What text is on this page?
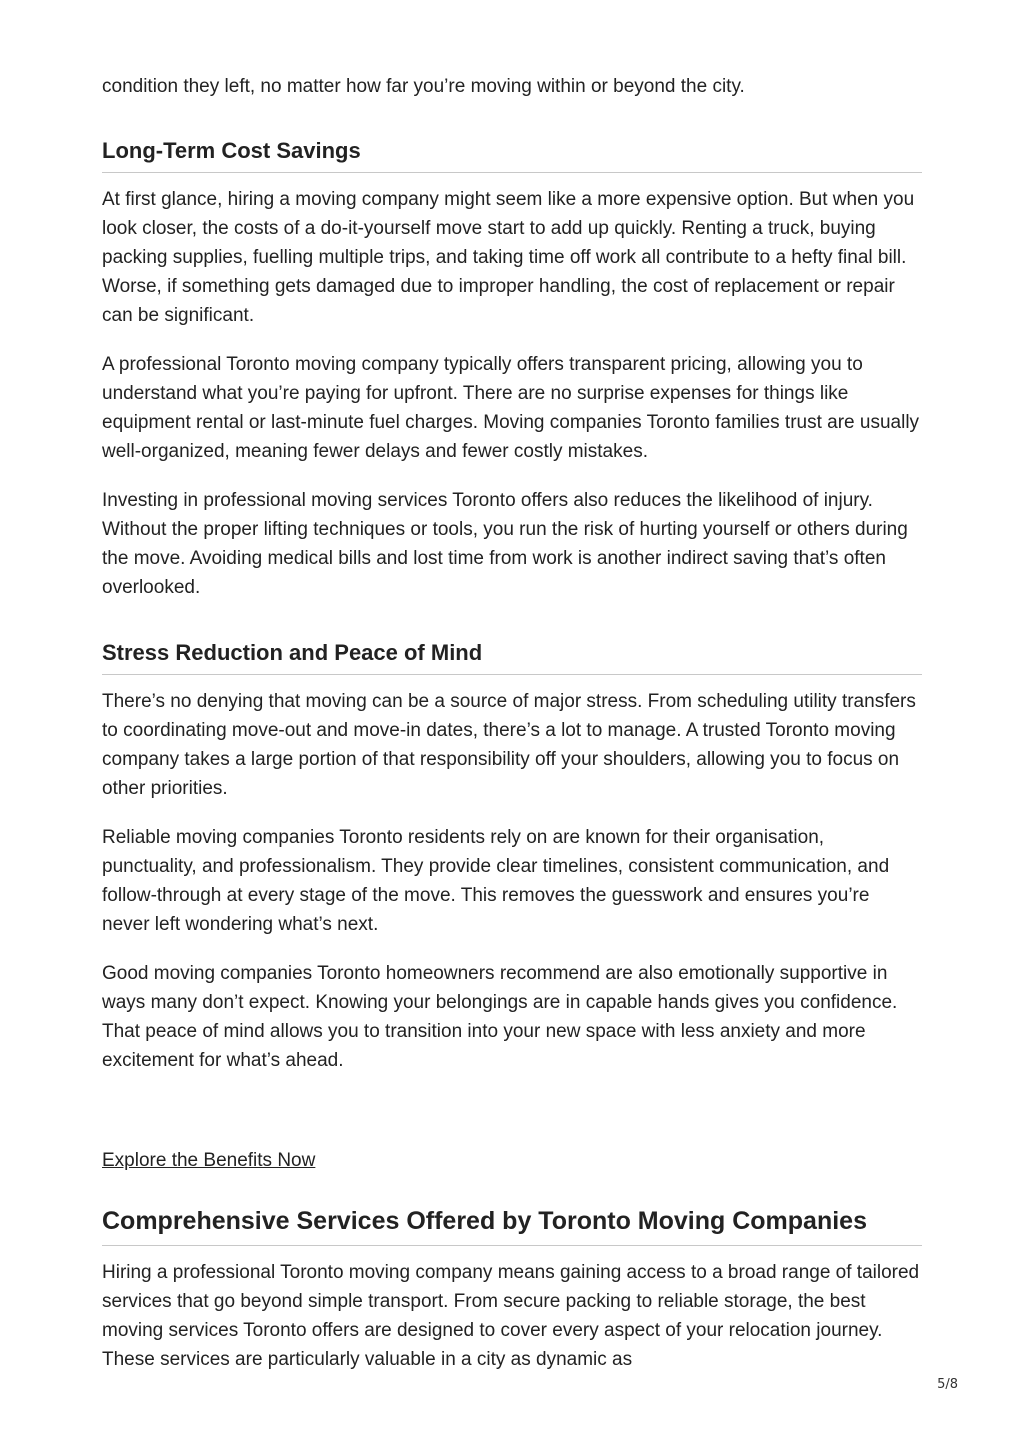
condition they left, no matter how far you’re moving within or beyond the city.

Long-Term Cost Savings

At first glance, hiring a moving company might seem like a more expensive option. But when you look closer, the costs of a do-it-yourself move start to add up quickly. Renting a truck, buying packing supplies, fuelling multiple trips, and taking time off work all contribute to a hefty final bill. Worse, if something gets damaged due to improper handling, the cost of replacement or repair can be significant.

A professional Toronto moving company typically offers transparent pricing, allowing you to understand what you’re paying for upfront. There are no surprise expenses for things like equipment rental or last-minute fuel charges. Moving companies Toronto families trust are usually well-organized, meaning fewer delays and fewer costly mistakes.

Investing in professional moving services Toronto offers also reduces the likelihood of injury. Without the proper lifting techniques or tools, you run the risk of hurting yourself or others during the move. Avoiding medical bills and lost time from work is another indirect saving that’s often overlooked.

Stress Reduction and Peace of Mind

There’s no denying that moving can be a source of major stress. From scheduling utility transfers to coordinating move-out and move-in dates, there’s a lot to manage. A trusted Toronto moving company takes a large portion of that responsibility off your shoulders, allowing you to focus on other priorities.

Reliable moving companies Toronto residents rely on are known for their organisation, punctuality, and professionalism. They provide clear timelines, consistent communication, and follow-through at every stage of the move. This removes the guesswork and ensures you’re never left wondering what’s next.

Good moving companies Toronto homeowners recommend are also emotionally supportive in ways many don’t expect. Knowing your belongings are in capable hands gives you confidence. That peace of mind allows you to transition into your new space with less anxiety and more excitement for what’s ahead.

Ready for a hassle-free move? Learn why professionals make a difference.

Explore the Benefits Now
Comprehensive Services Offered by Toronto Moving Companies

Hiring a professional Toronto moving company means gaining access to a broad range of tailored services that go beyond simple transport. From secure packing to reliable storage, the best moving services Toronto offers are designed to cover every aspect of your relocation journey. These services are particularly valuable in a city as dynamic as

5/8
